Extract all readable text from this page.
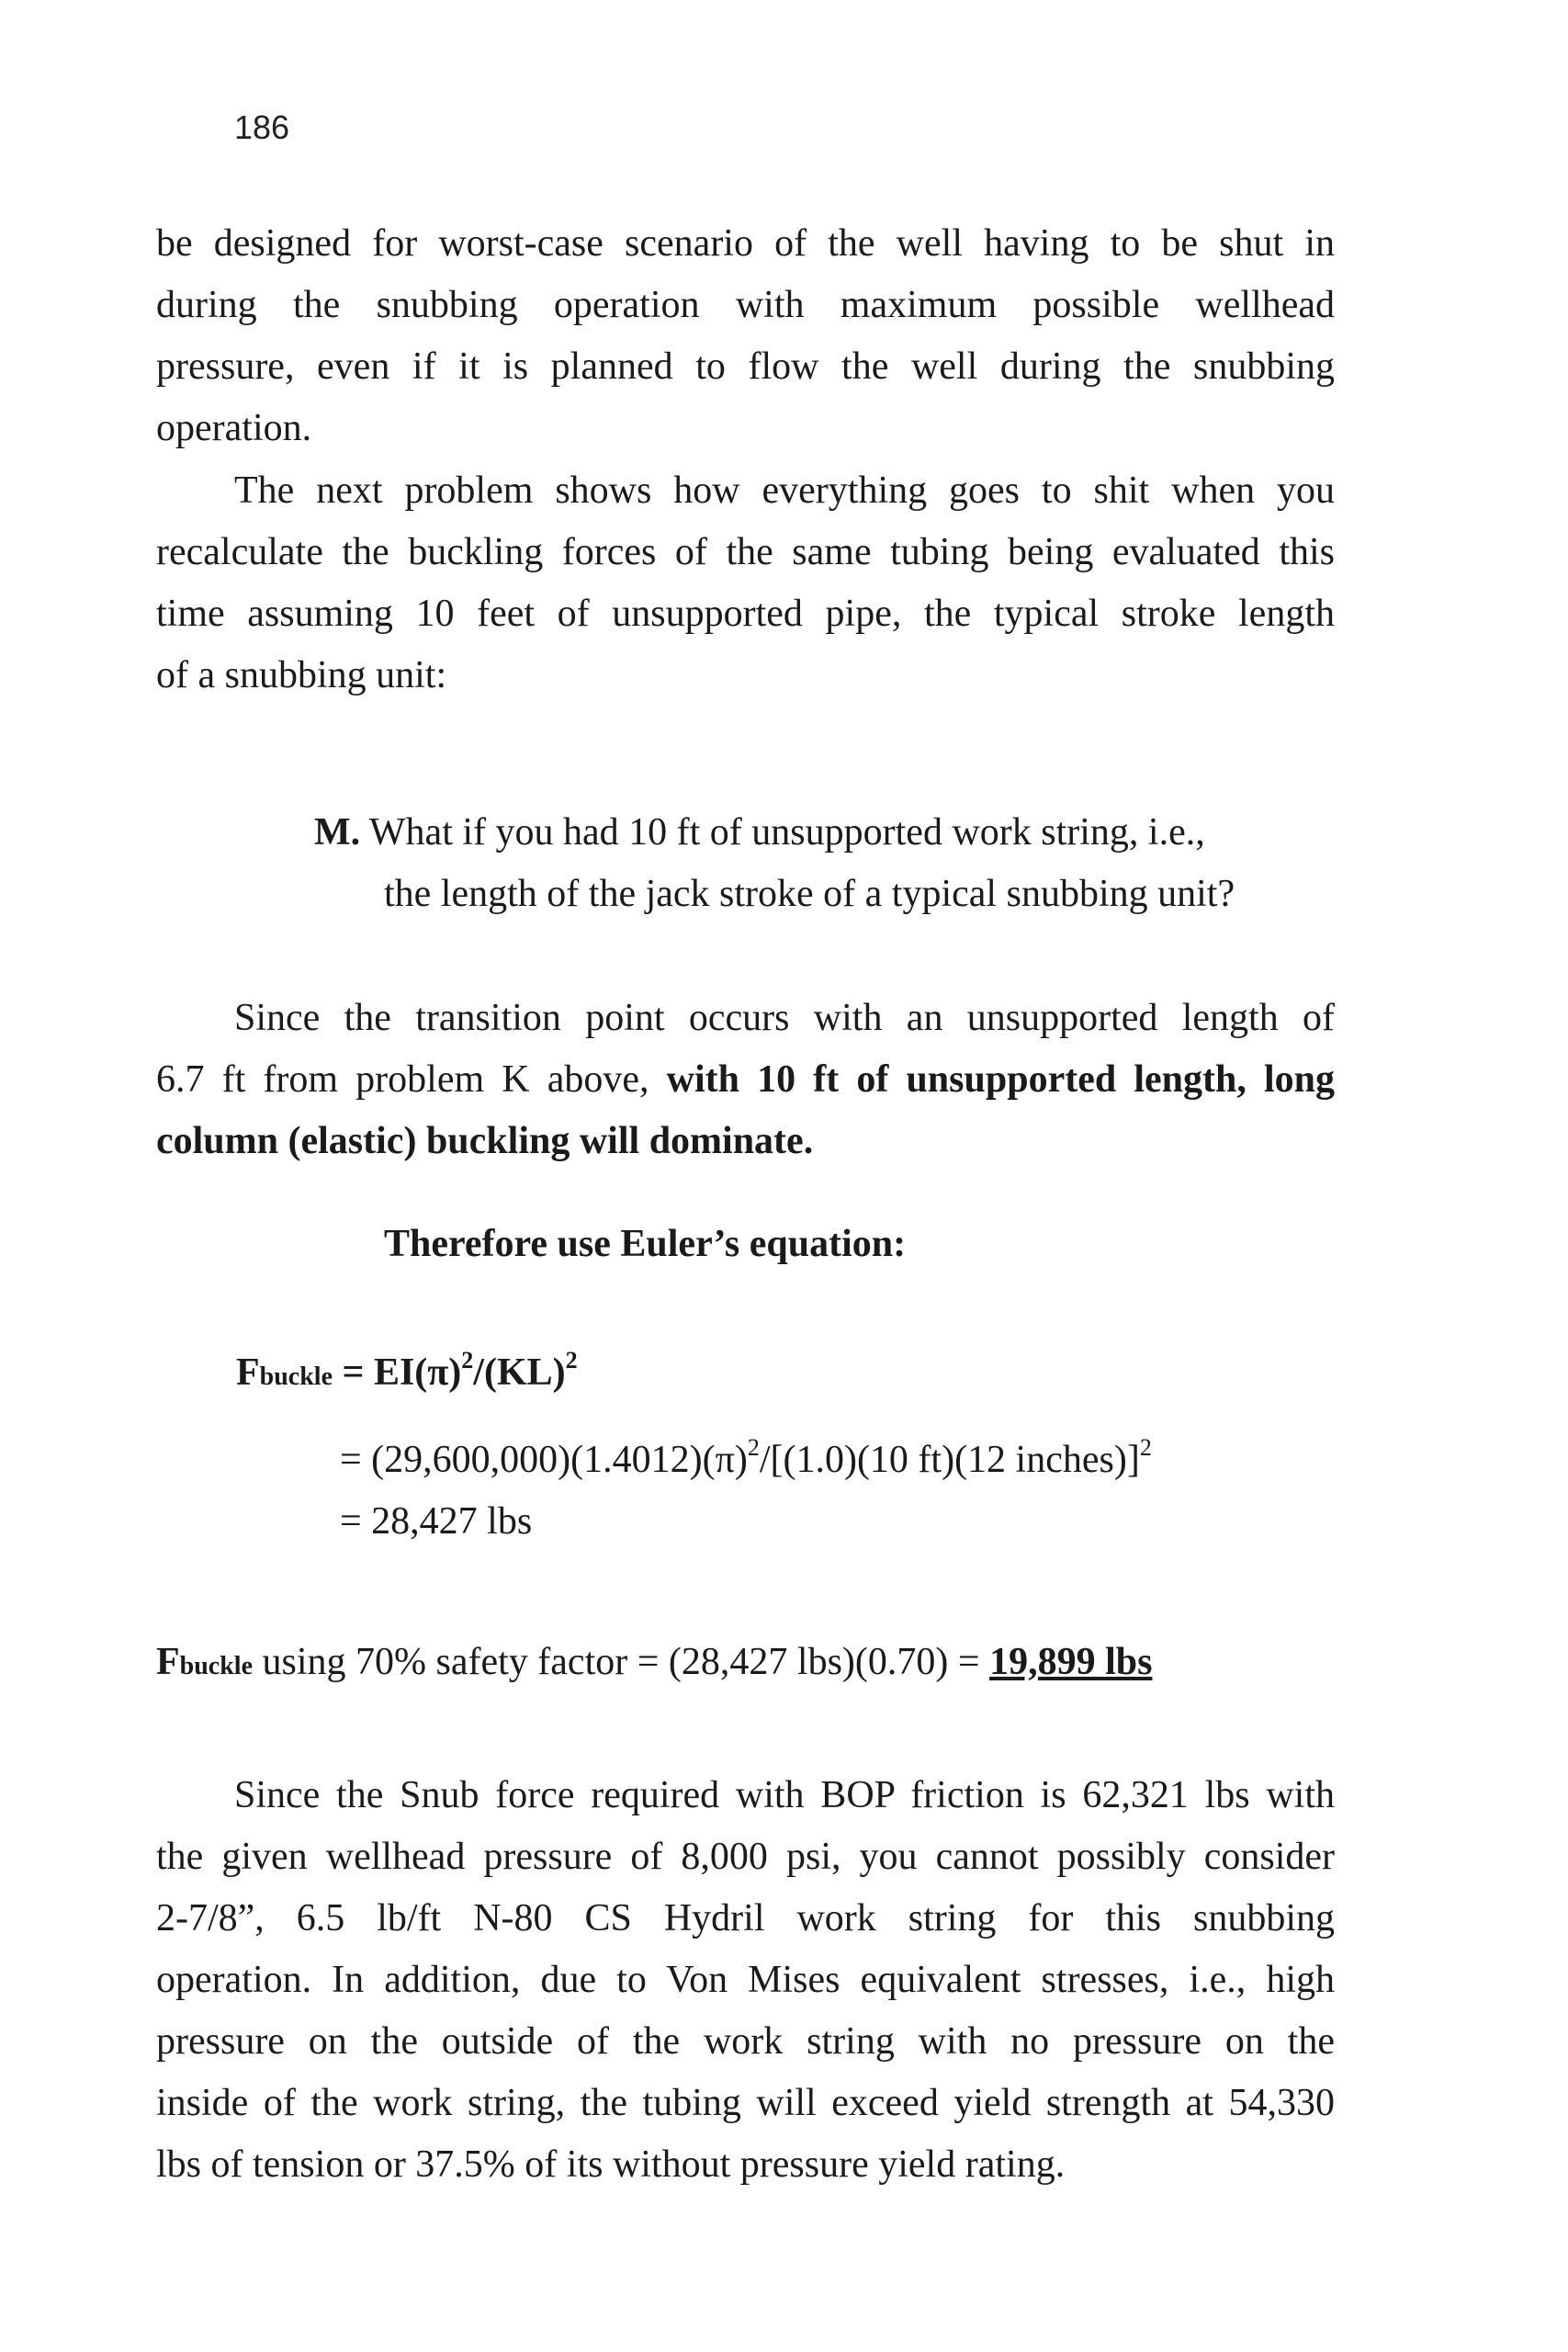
186

be designed for worst-case scenario of the well having to be shut in
during the snubbing operation with maximum possible wellhead
pressure, even if it is planned to flow the well during the snubbing
operation.

The next problem shows how everything goes to shit when you
recalculate the buckling forces of the same tubing being evaluated this
time assuming 10 feet of unsupported pipe, the typical stroke length
of a snubbing unit:

M. What if you had 10 ft of unsupported work string, i.e.,
the length of the jack stroke of a typical snubbing unit?

Since the transition point occurs with an unsupported length of
6.7 ft from problem K above, with 10 ft of unsupported length, long
column (elastic) buckling will dominate.

Therefore use Euler’s equation:

Fbuckle = $EI(\pi)^2/(KL)^2$

= $(29,600,000)(1.4012)(\pi)^2/[(1.0)(10$ ft)(12 inches)]$^2$

= 28,427 lbs

Fbuckle using 70% safety factor = (28,427 lbs)(0.70) = 19,899 lbs

Since the Snub force required with BOP friction is 62,321 lbs with
the given wellhead pressure of 8,000 psi, you cannot possibly consider
2-7/8”, 6.5 lb/ft N-80 CS Hydril work string for this snubbing
operation. In addition, due to Von Mises equivalent stresses, i.e., high
pressure on the outside of the work string with no pressure on the
inside of the work string, the tubing will exceed yield strength at 54,330
lbs of tension or 37.5% of its without pressure yield rating.
